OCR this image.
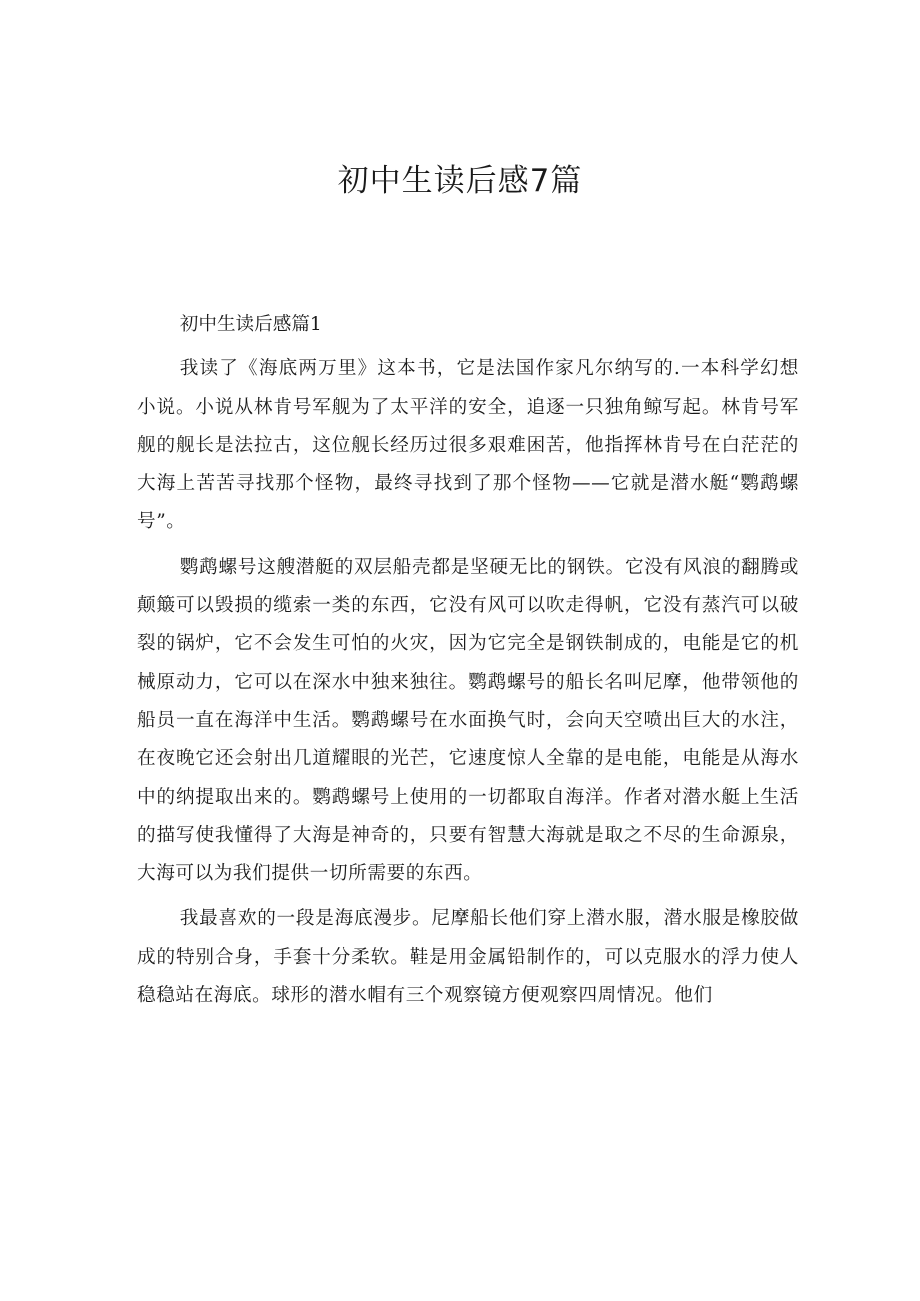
初中生读后感7篇

初中生读后感篇1

我读了《海底两万里》这本书，它是法国作家凡尔纳写的.一本科学幻想小说。小说从林肯号军舰为了太平洋的安全，追逐一只独角鲸写起。林肯号军舰的舰长是法拉古，这位舰长经历过很多艰难困苦，他指挥林肯号在白茫茫的大海上苦苦寻找那个怪物，最终寻找到了那个怪物——它就是潜水艇“鹦鹉螺号”。

鹦鹉螺号这艘潜艇的双层船壳都是坚硬无比的钢铁。它没有风浪的翻腾或颠簸可以毁损的缆索一类的东西，它没有风可以吹走得帆，它没有蒸汽可以破裂的锅炉，它不会发生可怕的火灾，因为它完全是钢铁制成的，电能是它的机械原动力，它可以在深水中独来独往。鹦鹉螺号的船长名叫尼摩，他带领他的船员一直在海洋中生活。鹦鹉螺号在水面换气时，会向天空喷出巨大的水注，在夜晚它还会射出几道耀眼的光芒，它速度惊人全靠的是电能，电能是从海水中的纳提取出来的。鹦鹉螺号上使用的一切都取自海洋。作者对潜水艇上生活的描写使我懂得了大海是神奇的，只要有智慧大海就是取之不尽的生命源泉，大海可以为我们提供一切所需要的东西。

我最喜欢的一段是海底漫步。尼摩船长他们穿上潜水服，潜水服是橡胶做成的特别合身，手套十分柔软。鞋是用金属铅制作的，可以克服水的浮力使人稳稳站在海底。球形的潜水帽有三个观察镜方便观察四周情况。他们
